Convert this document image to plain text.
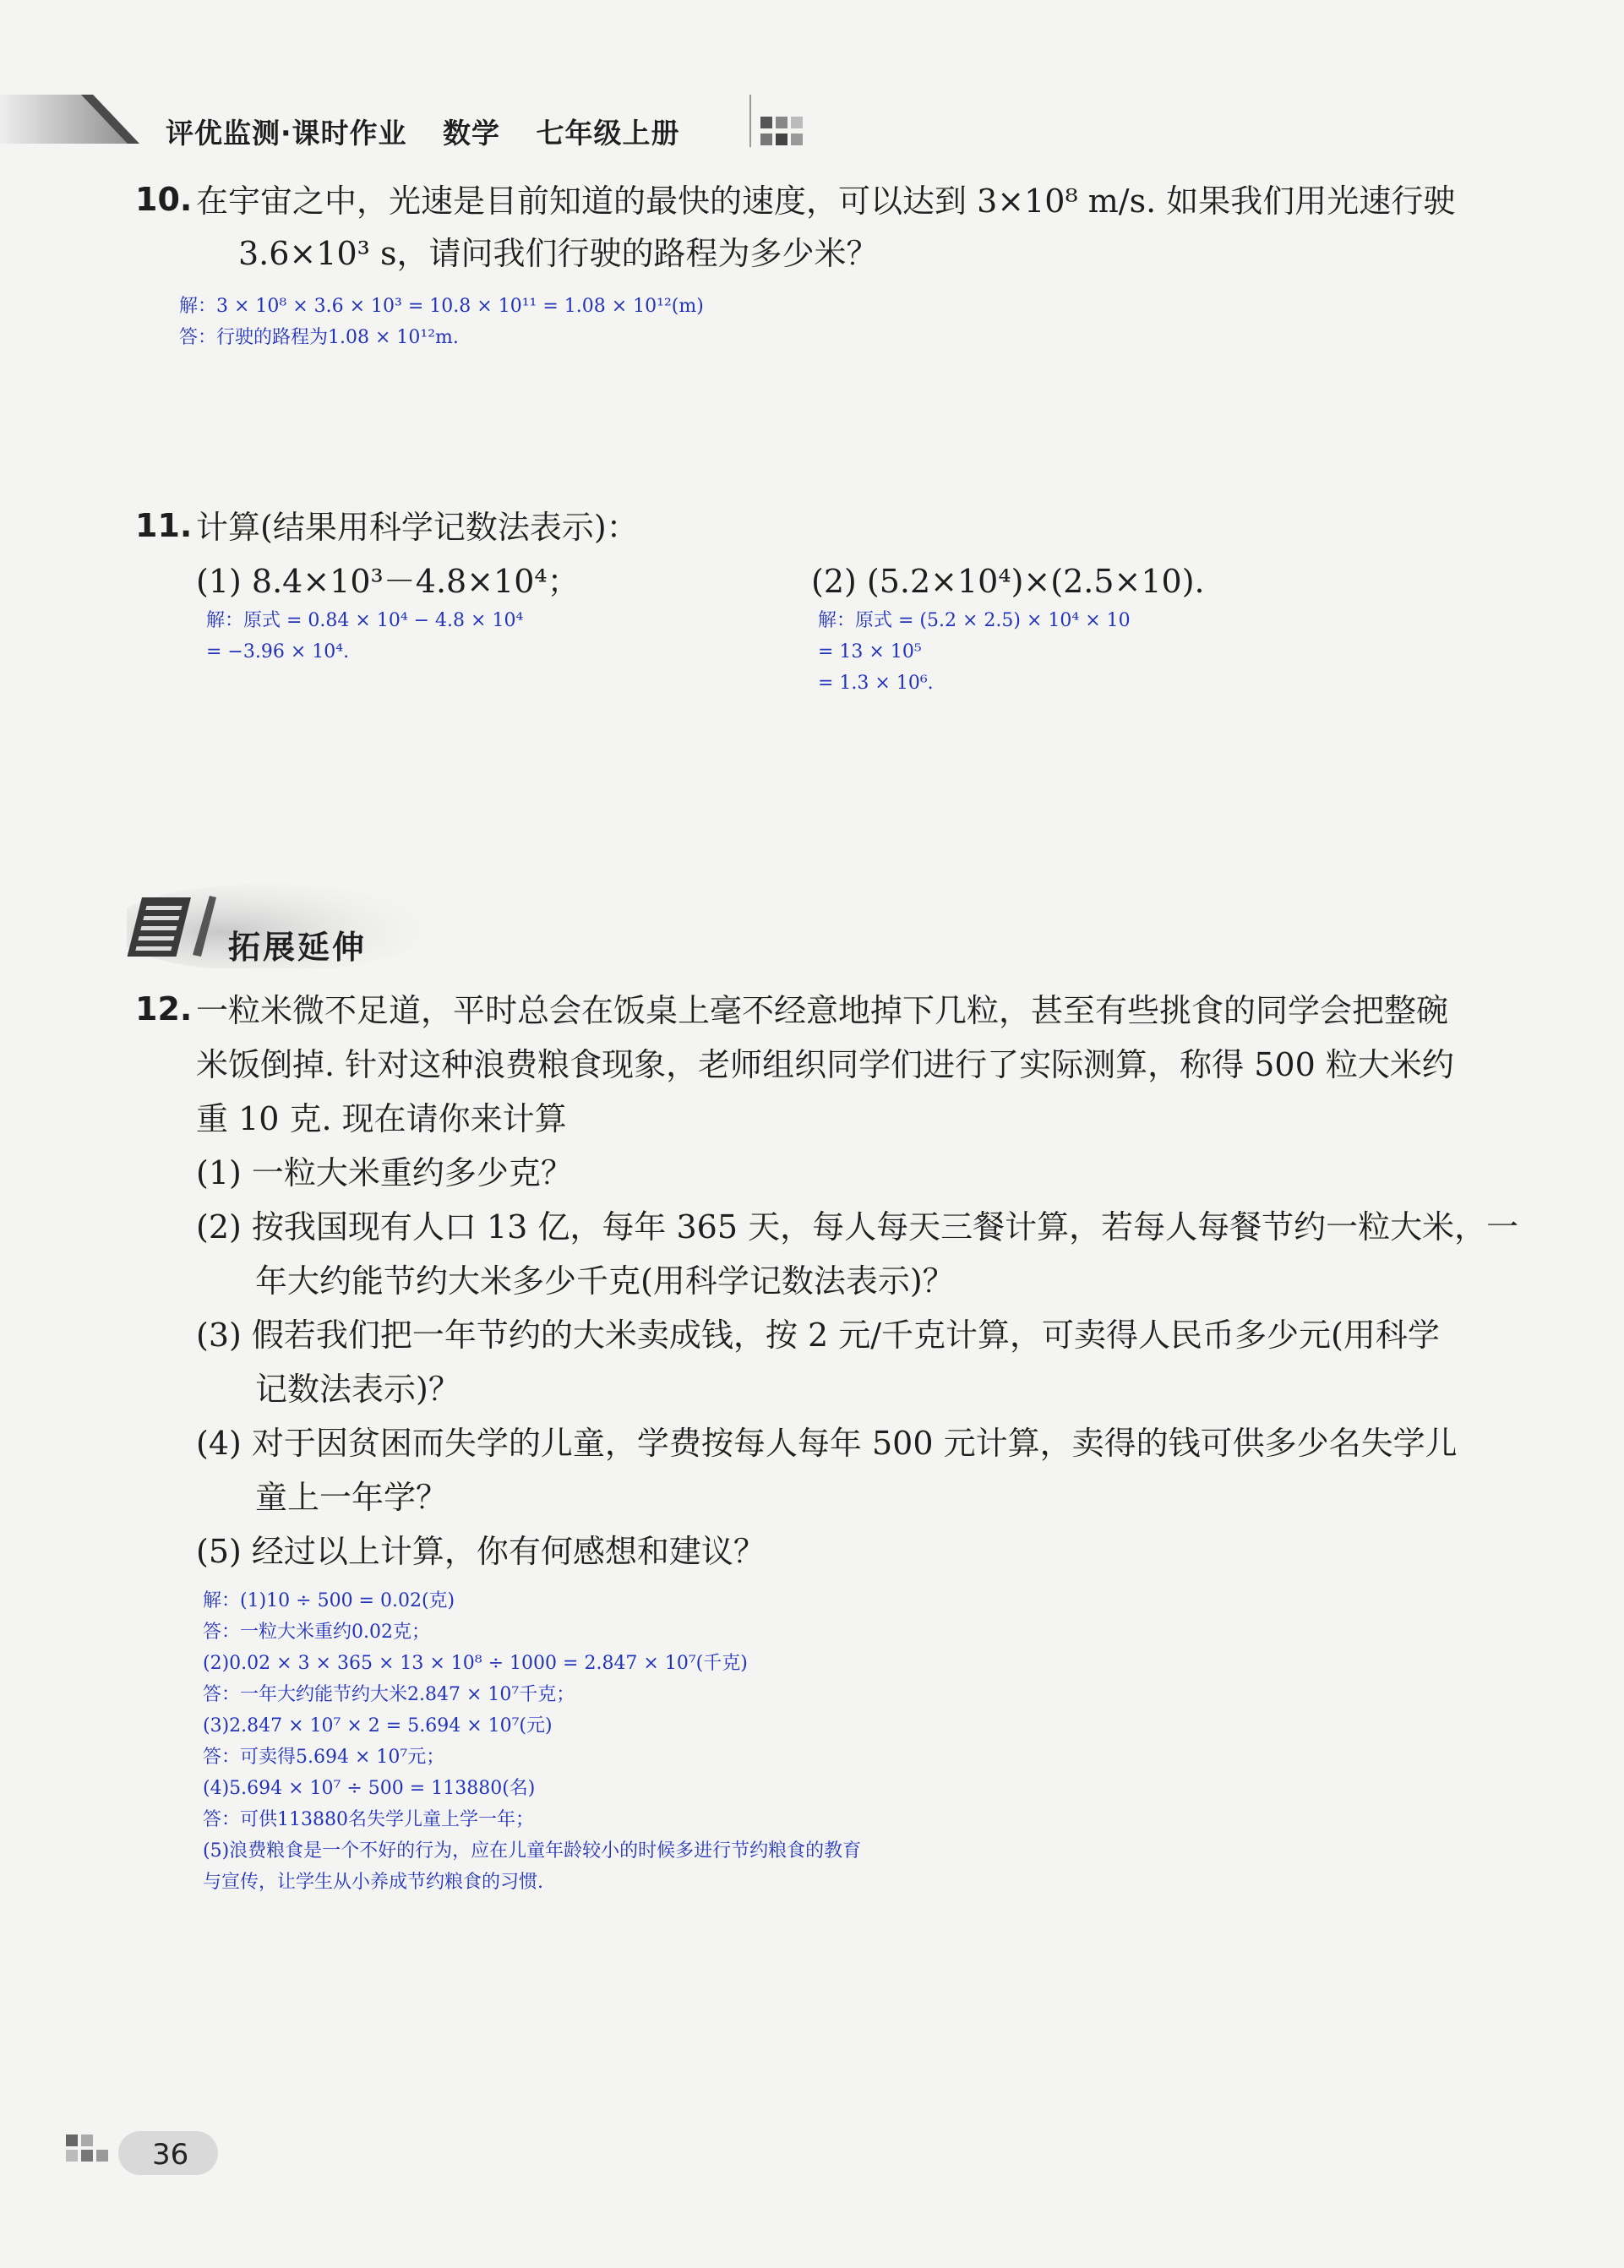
评优监测·课时作业 数学 七年级上册
10. 在宇宙之中，光速是目前知道的最快的速度，可以达到 3×10⁸ m/s. 如果我们用光速行驶
3.6×10³ s，请问我们行驶的路程为多少米？
解：3 × 10⁸ × 3.6 × 10³ = 10.8 × 10¹¹ = 1.08 × 10¹²(m)
答：行驶的路程为1.08 × 10¹²m.
11. 计算(结果用科学记数法表示)：
(1) 8.4×10³－4.8×10⁴；	(2) (5.2×10⁴)×(2.5×10).
解：原式 = 0.84 × 10⁴ − 4.8 × 10⁴
= −3.96 × 10⁴.
解：原式 = (5.2 × 2.5) × 10⁴ × 10
= 13 × 10⁵
= 1.3 × 10⁶.
拓展延伸
12. 一粒米微不足道，平时总会在饭桌上毫不经意地掉下几粒，甚至有些挑食的同学会把整碗
米饭倒掉. 针对这种浪费粮食现象，老师组织同学们进行了实际测算，称得 500 粒大米约
重 10 克. 现在请你来计算
(1) 一粒大米重约多少克？
(2) 按我国现有人口 13 亿，每年 365 天，每人每天三餐计算，若每人每餐节约一粒大米，一
年大约能节约大米多少千克(用科学记数法表示)？
(3) 假若我们把一年节约的大米卖成钱，按 2 元/千克计算，可卖得人民币多少元(用科学
记数法表示)？
(4) 对于因贫困而失学的儿童，学费按每人每年 500 元计算，卖得的钱可供多少名失学儿
童上一年学？
(5) 经过以上计算，你有何感想和建议？
解：(1)10 ÷ 500 = 0.02(克)
答：一粒大米重约0.02克；
(2)0.02 × 3 × 365 × 13 × 10⁸ ÷ 1000 = 2.847 × 10⁷(千克)
答：一年大约能节约大米2.847 × 10⁷千克；
(3)2.847 × 10⁷ × 2 = 5.694 × 10⁷(元)
答：可卖得5.694 × 10⁷元；
(4)5.694 × 10⁷ ÷ 500 = 113880(名)
答：可供113880名失学儿童上学一年；
(5)浪费粮食是一个不好的行为，应在儿童年龄较小的时候多进行节约粮食的教育
与宣传，让学生从小养成节约粮食的习惯.
36
